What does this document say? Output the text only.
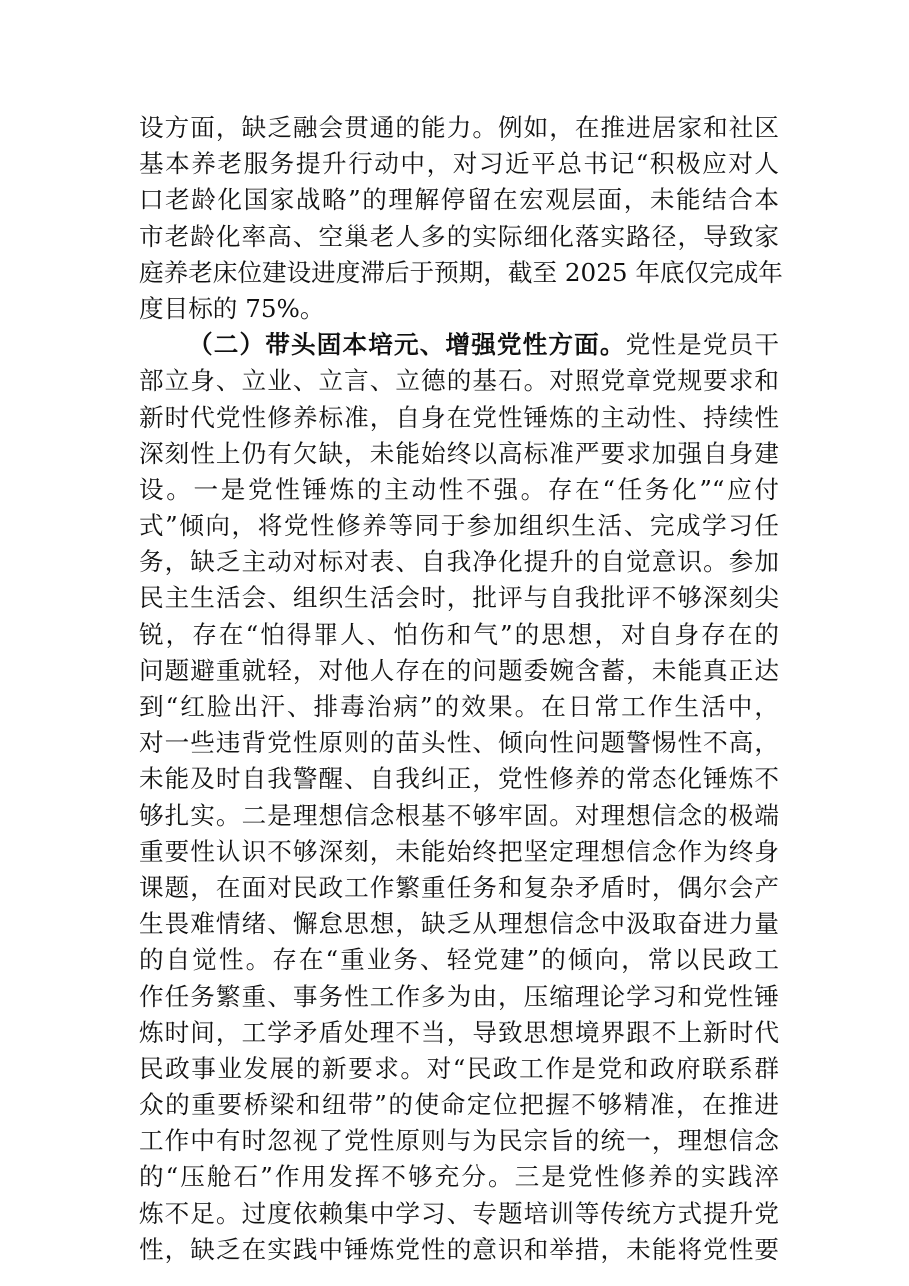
设方面，缺乏融会贯通的能力。例如，在推进居家和社区
基本养老服务提升行动中，对习近平总书记“积极应对人
口老龄化国家战略”的理解停留在宏观层面，未能结合本
市老龄化率高、空巢老人多的实际细化落实路径，导致家
庭养老床位建设进度滞后于预期，截至 2025 年底仅完成年
度目标的 75%。
（二）带头固本培元、增强党性方面。党性是党员干
部立身、立业、立言、立德的基石。对照党章党规要求和
新时代党性修养标准，自身在党性锤炼的主动性、持续性
深刻性上仍有欠缺，未能始终以高标准严要求加强自身建
设。一是党性锤炼的主动性不强。存在“任务化”“应付
式”倾向，将党性修养等同于参加组织生活、完成学习任
务，缺乏主动对标对表、自我净化提升的自觉意识。参加
民主生活会、组织生活会时，批评与自我批评不够深刻尖
锐，存在“怕得罪人、怕伤和气”的思想，对自身存在的
问题避重就轻，对他人存在的问题委婉含蓄，未能真正达
到“红脸出汗、排毒治病”的效果。在日常工作生活中，
对一些违背党性原则的苗头性、倾向性问题警惕性不高，
未能及时自我警醒、自我纠正，党性修养的常态化锤炼不
够扎实。二是理想信念根基不够牢固。对理想信念的极端
重要性认识不够深刻，未能始终把坚定理想信念作为终身
课题，在面对民政工作繁重任务和复杂矛盾时，偶尔会产
生畏难情绪、懈怠思想，缺乏从理想信念中汲取奋进力量
的自觉性。存在“重业务、轻党建”的倾向，常以民政工
作任务繁重、事务性工作多为由，压缩理论学习和党性锤
炼时间，工学矛盾处理不当，导致思想境界跟不上新时代
民政事业发展的新要求。对“民政工作是党和政府联系群
众的重要桥梁和纽带”的使命定位把握不够精准，在推进
工作中有时忽视了党性原则与为民宗旨的统一，理想信念
的“压舱石”作用发挥不够充分。三是党性修养的实践淬
炼不足。过度依赖集中学习、专题培训等传统方式提升党
性，缺乏在实践中锤炼党性的意识和举措，未能将党性要
